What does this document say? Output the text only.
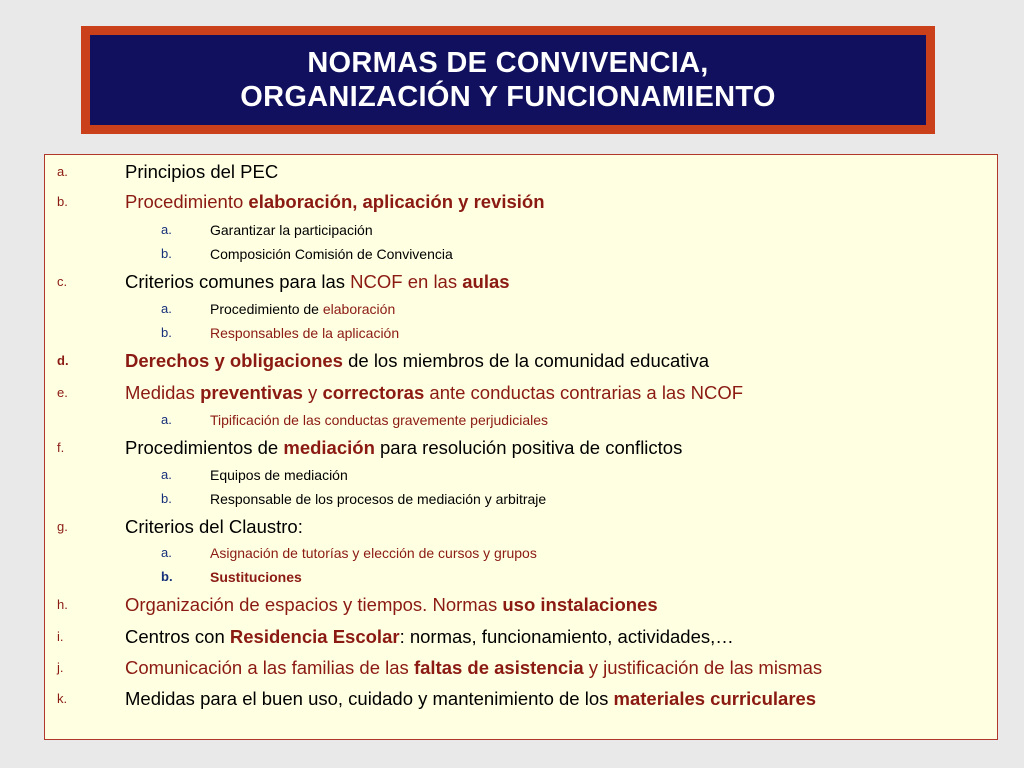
NORMAS DE CONVIVENCIA,
ORGANIZACIÓN Y FUNCIONAMIENTO
a.	Principios del PEC
b.	Procedimiento elaboración, aplicación y revisión
a.	Garantizar la participación
b.	Composición Comisión de Convivencia
c.	Criterios comunes para las NCOF en las aulas
a.	Procedimiento de elaboración
b.	Responsables de la aplicación
d.	Derechos y obligaciones de los miembros de la comunidad educativa
e.	Medidas preventivas y correctoras ante conductas contrarias a las NCOF
a.	Tipificación de las conductas gravemente perjudiciales
f.	Procedimientos de mediación para resolución positiva de conflictos
a.	Equipos de mediación
b.	Responsable de los procesos de mediación y arbitraje
g.	Criterios del Claustro:
a.	Asignación de tutorías y elección de cursos y grupos
b.	Sustituciones
h.	Organización de espacios y tiempos. Normas uso instalaciones
i.	Centros con Residencia Escolar: normas, funcionamiento, actividades,…
j.	Comunicación a las familias de las faltas de asistencia y justificación de las mismas
k.	Medidas para el buen uso, cuidado y mantenimiento de los materiales curriculares
